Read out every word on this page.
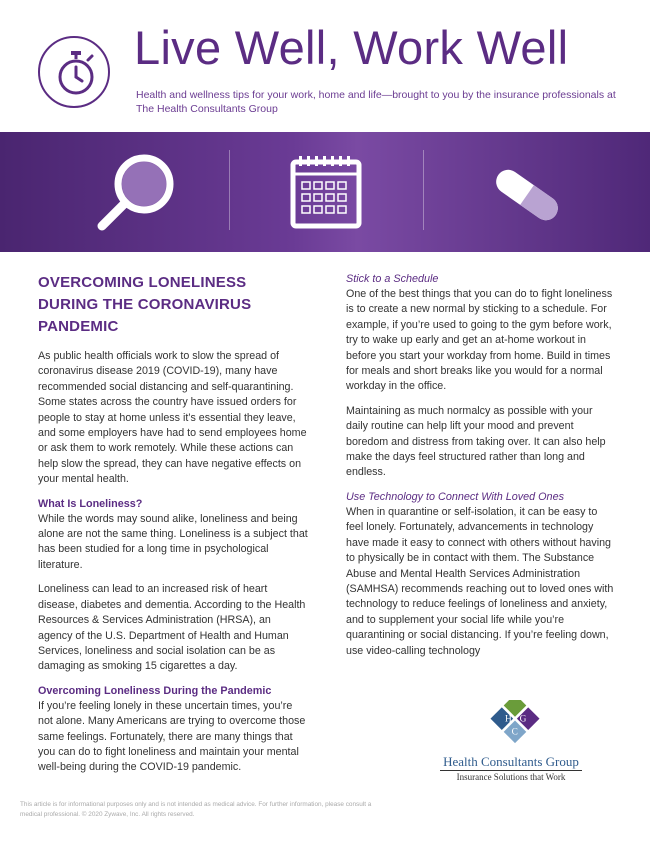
Live Well, Work Well
Health and wellness tips for your work, home and life—brought to you by the insurance professionals at The Health Consultants Group
OVERCOMING LONELINESS DURING THE CORONAVIRUS PANDEMIC

As public health officials work to slow the spread of coronavirus disease 2019 (COVID-19), many have recommended social distancing and self-quarantining. Some states across the country have issued orders for people to stay at home unless it’s essential they leave, and some employers have had to send employees home or ask them to work remotely. While these actions can help slow the spread, they can have negative effects on your mental health.

What Is Loneliness?

While the words may sound alike, loneliness and being alone are not the same thing. Loneliness is a subject that has been studied for a long time in psychological literature.

Loneliness can lead to an increased risk of heart disease, diabetes and dementia. According to the Health Resources & Services Administration (HRSA), an agency of the U.S. Department of Health and Human Services, loneliness and social isolation can be as damaging as smoking 15 cigarettes a day.

Overcoming Loneliness During the Pandemic

If you’re feeling lonely in these uncertain times, you’re not alone. Many Americans are trying to overcome those same feelings. Fortunately, there are many things that you can do to fight loneliness and maintain your mental well-being during the COVID-19 pandemic.

Stick to a Schedule

One of the best things that you can do to fight loneliness is to create a new normal by sticking to a schedule. For example, if you’re used to going to the gym before work, try to wake up early and get an at-home workout in before you start your workday from home. Build in times for meals and short breaks like you would for a normal workday in the office.

Maintaining as much normalcy as possible with your daily routine can help lift your mood and prevent boredom and distress from taking over. It can also help make the days feel structured rather than long and endless.

Use Technology to Connect With Loved Ones

When in quarantine or self-isolation, it can be easy to feel lonely. Fortunately, advancements in technology have made it easy to connect with others without having to physically be in contact with them. The Substance Abuse and Mental Health Services Administration (SAMHSA) recommends reaching out to loved ones with technology to reduce feelings of loneliness and anxiety, and to supplement your social life while you’re quarantining or social distancing. If you’re feeling down, use video-calling technology

H G
C
Health Consultants Group
Insurance Solutions that Work
This article is for informational purposes only and is not intended as medical advice. For further information, please consult a medical professional. © 2020 Zywave, Inc. All rights reserved.
